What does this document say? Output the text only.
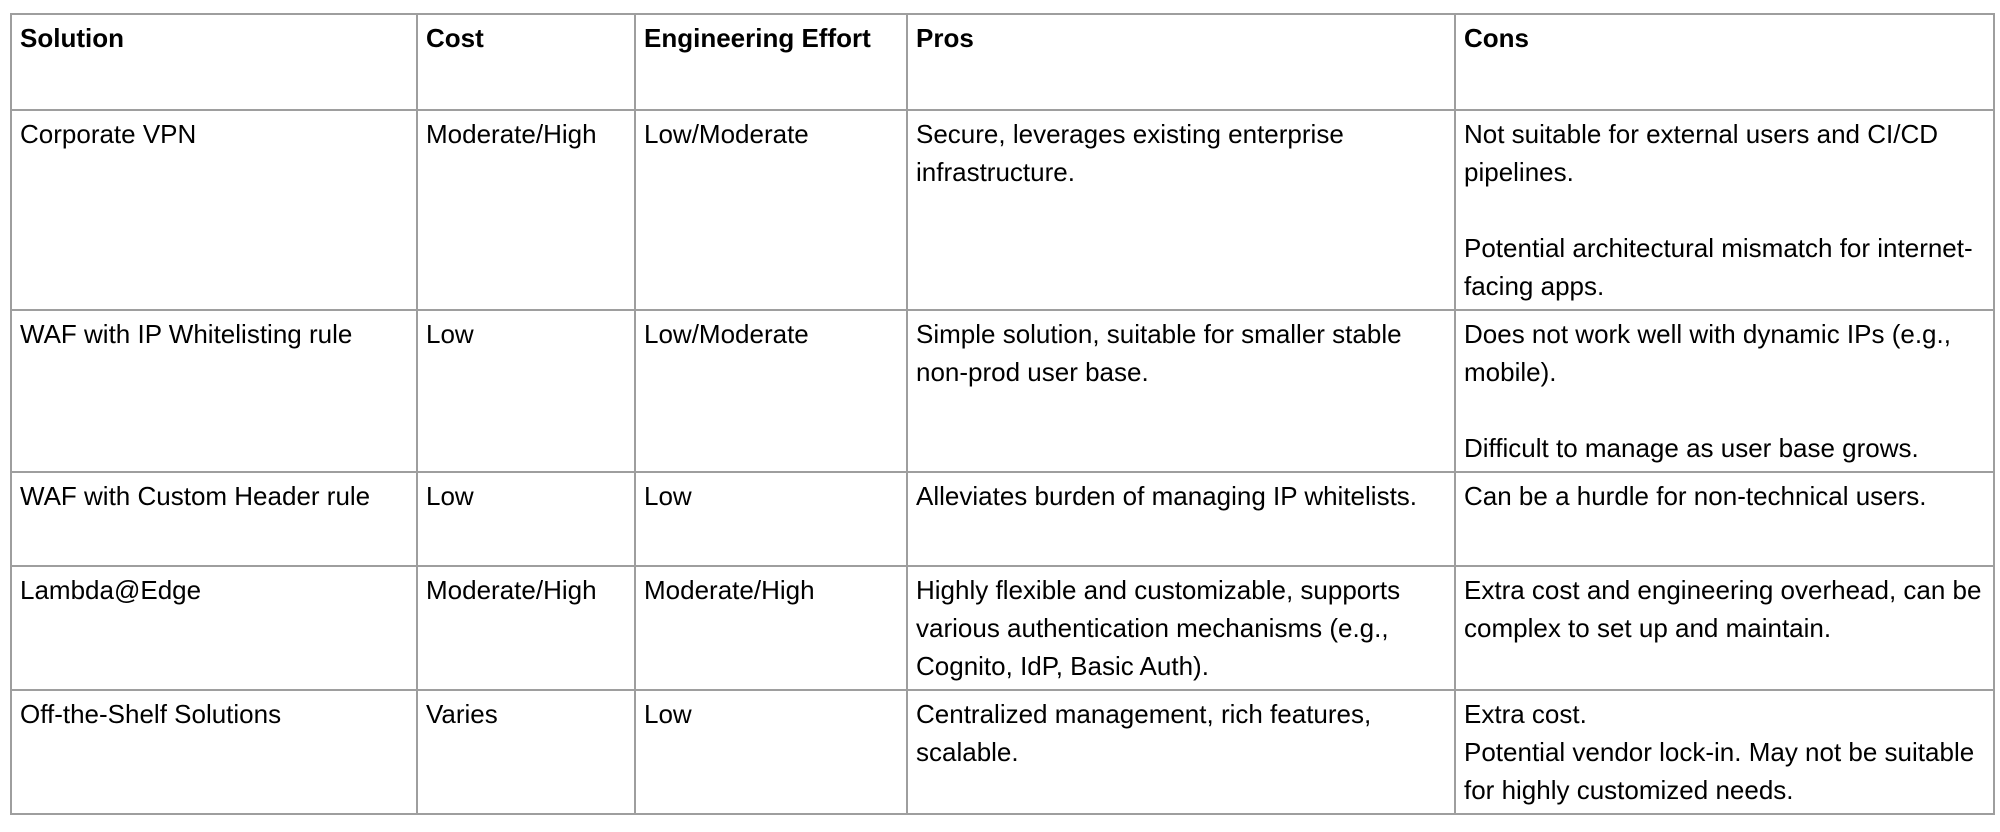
Solution	Cost	Engineering Effort	Pros	Cons

Corporate VPN	Moderate/High	Low/Moderate	Secure, leverages existing enterprise infrastructure.	Not suitable for external users and CI/CD pipelines.

Potential architectural mismatch for internet-facing apps.

WAF with IP Whitelisting rule	Low	Low/Moderate	Simple solution, suitable for smaller stable non-prod user base.	Does not work well with dynamic IPs (e.g., mobile).

Difficult to manage as user base grows.

WAF with Custom Header rule	Low	Low	Alleviates burden of managing IP whitelists.	Can be a hurdle for non-technical users.

Lambda@Edge	Moderate/High	Moderate/High	Highly flexible and customizable, supports various authentication mechanisms (e.g., Cognito, IdP, Basic Auth).	Extra cost and engineering overhead, can be complex to set up and maintain.

Off-the-Shelf Solutions	Varies	Low	Centralized management, rich features, scalable.	Extra cost.
Potential vendor lock-in. May not be suitable for highly customized needs.
